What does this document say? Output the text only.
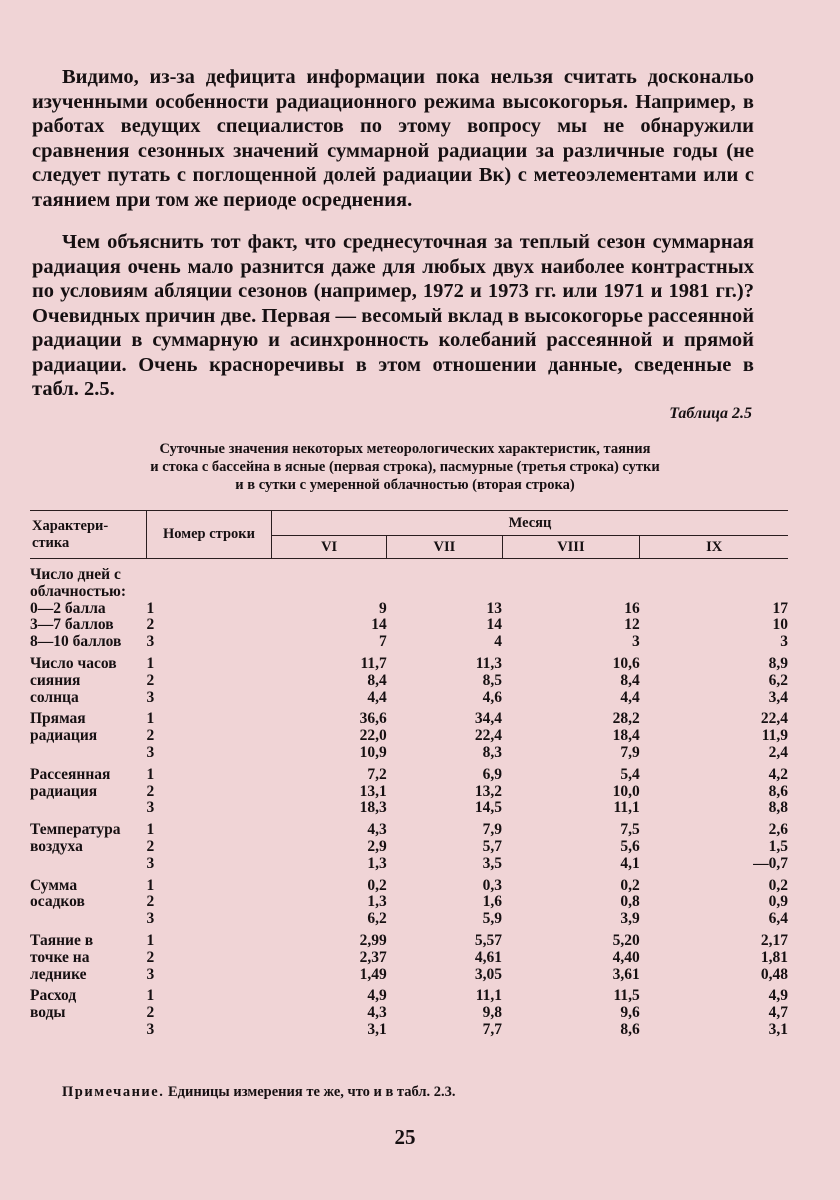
Видимо, из-за дефицита информации пока нельзя считать доскональо изученными особенности радиационного режима высокогорья. Например, в работах ведущих специалистов по этому вопросу мы не обнаружили сравнения сезонных значений суммарной радиации за различные годы (не следует путать с поглощенной долей радиации Bк) с метеоэлементами или с таянием при том же периоде осреднения.

Чем объяснить тот факт, что среднесуточная за теплый сезон суммарная радиация очень мало разнится даже для любых двух наиболее контрастных по условиям абляции сезонов (например, 1972 и 1973 гг. или 1971 и 1981 гг.)? Очевидных причин две. Первая — весомый вклад в высокогорье рассеянной радиации в суммарную и асинхронность колебаний рассеянной и прямой радиации. Очень красноречивы в этом отношении данные, сведенные в табл. 2.5.

Таблица 2.5
Суточные значения некоторых метеорологических характеристик, таяния
и стока с бассейна в ясные (первая строка), пасмурные (третья строка) сутки
и в сутки с умеренной облачностью (вторая строка)
Характери-стика	Номер строки	Месяц			
		VI	VII	VIII	IX
Число дней с облачностью:					
0—2 балла	1	9	13	16	17
3—7 баллов	2	14	14	12	10
8—10 баллов	3	7	4	3	3
Число часов	1	11,7	11,3	10,6	8,9
сияния	2	8,4	8,5	8,4	6,2
солнца	3	4,4	4,6	4,4	3,4
Прямая	1	36,6	34,4	28,2	22,4
радиация	2	22,0	22,4	18,4	11,9
	3	10,9	8,3	7,9	2,4
Рассеянная	1	7,2	6,9	5,4	4,2
радиация	2	13,1	13,2	10,0	8,6
	3	18,3	14,5	11,1	8,8
Температура	1	4,3	7,9	7,5	2,6
воздуха	2	2,9	5,7	5,6	1,5
	3	1,3	3,5	4,1	—0,7
Сумма	1	0,2	0,3	0,2	0,2
осадков	2	1,3	1,6	0,8	0,9
	3	6,2	5,9	3,9	6,4
Таяние в	1	2,99	5,57	5,20	2,17
точке на	2	2,37	4,61	4,40	1,81
леднике	3	1,49	3,05	3,61	0,48
Расход	1	4,9	11,1	11,5	4,9
воды	2	4,3	9,8	9,6	4,7
	3	3,1	7,7	8,6	3,1
Примечание. Единицы измерения те же, что и в табл. 2.3.
25
